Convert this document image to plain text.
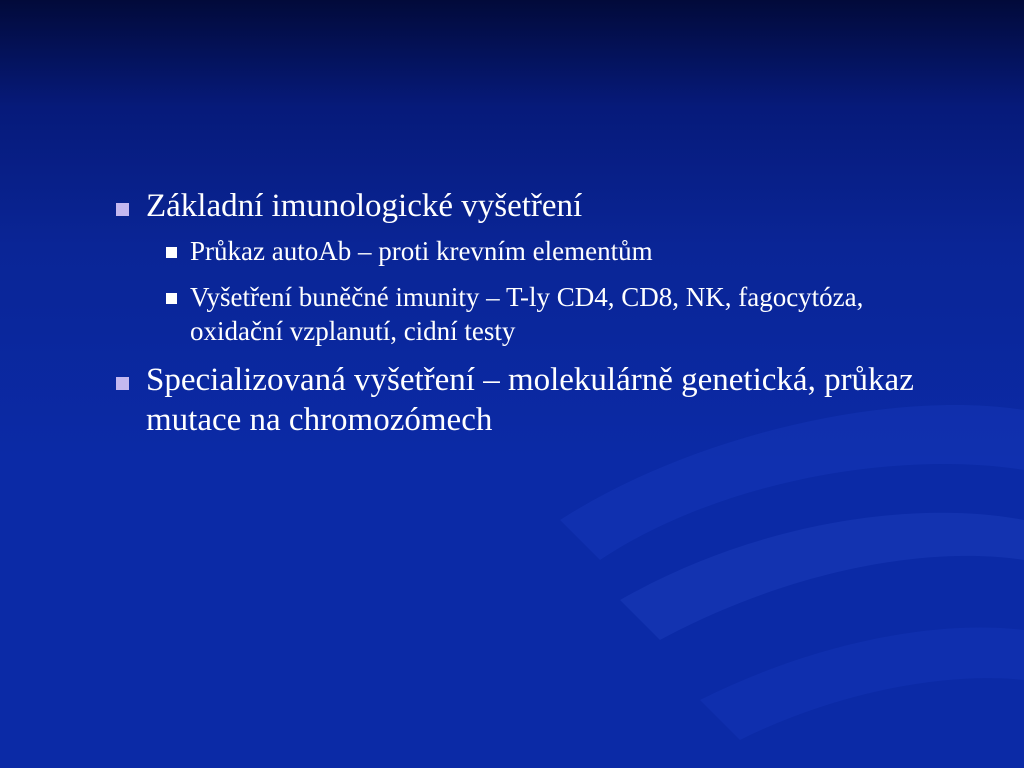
Základní imunologické vyšetření
Průkaz autoAb – proti krevním elementům
Vyšetření buněčné imunity – T-ly CD4, CD8, NK, fagocytóza, oxidační vzplanutí, cidní testy
Specializovaná vyšetření – molekulárně genetická, průkaz mutace na chromozómech
